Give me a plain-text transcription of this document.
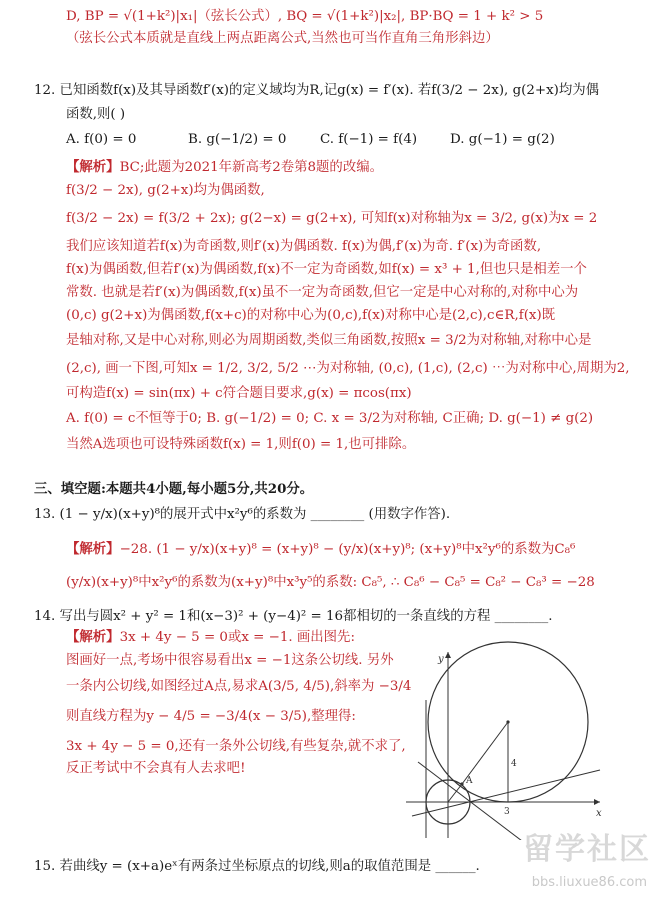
D, BP = √(1+k²)|x₁|（弦长公式）, BQ = √(1+k²)|x₂|, BP·BQ = 1 + k² > 5
（弦长公式本质就是直线上两点距离公式,当然也可当作直角三角形斜边）
12. 已知函数f(x)及其导函数f′(x)的定义域均为R,记g(x) = f′(x). 若f(3/2 − 2x), g(2+x)均为偶
函数,则( )
A. f(0) = 0	B. g(−1/2) = 0	C. f(−1) = f(4) D. g(−1) = g(2)
【解析】BC;此题为2021年新高考2卷第8题的改编。
f(3/2 − 2x), g(2+x)均为偶函数,
f(3/2 − 2x) = f(3/2 + 2x); g(2−x) = g(2+x), 可知f(x)对称轴为x = 3/2, g(x)为x = 2
我们应该知道若f(x)为奇函数,则f′(x)为偶函数. f(x)为偶,f′(x)为奇. f′(x)为奇函数,
f(x)为偶函数,但若f′(x)为偶函数,f(x)不一定为奇函数,如f(x) = x³ + 1,但也只是相差一个
常数. 也就是若f′(x)为偶函数,f(x)虽不一定为奇函数,但它一定是中心对称的,对称中心为
(0,c) g(2+x)为偶函数,f(x+c)的对称中心为(0,c),f(x)对称中心是(2,c),c∈R,f(x)既
是轴对称,又是中心对称,则必为周期函数,类似三角函数,按照x = 3/2为对称轴,对称中心是
(2,c), 画一下图,可知x = 1/2, 3/2, 5/2 ⋯为对称轴, (0,c), (1,c), (2,c) ⋯为对称中心,周期为2,
可构造f(x) = sin(πx) + c符合题目要求,g(x) = πcos(πx)
A. f(0) = c不恒等于0; B. g(−1/2) = 0; C. x = 3/2为对称轴, C正确; D. g(−1) ≠ g(2)
当然A选项也可设特殊函数f(x) = 1,则f(0) = 1,也可排除。
三、填空题:本题共4小题,每小题5分,共20分。
13. (1 − y/x)(x+y)⁸的展开式中x²y⁶的系数为 ________ (用数字作答).
【解析】−28. (1 − y/x)(x+y)⁸ = (x+y)⁸ − (y/x)(x+y)⁸; (x+y)⁸中x²y⁶的系数为C₈⁶
(y/x)(x+y)⁸中x²y⁶的系数为(x+y)⁸中x³y⁵的系数: C₈⁵, ∴ C₈⁶ − C₈⁵ = C₈² − C₈³ = −28
14. 写出与圆x² + y² = 1和(x−3)² + (y−4)² = 16都相切的一条直线的方程 ________.
【解析】3x + 4y − 5 = 0或x = −1. 画出图先:
图画好一点,考场中很容易看出x = −1这条公切线. 另外
一条内公切线,如图经过A点,易求A(3/5, 4/5),斜率为 −3/4
则直线方程为y − 4/5 = −3/4(x − 3/5),整理得:
3x + 4y − 5 = 0,还有一条外公切线,有些复杂,就不求了,
反正考试中不会真有人去求吧!
x
y
A
4
3
15. 若曲线y = (x+a)eˣ有两条过坐标原点的切线,则a的取值范围是 ______. 留学社区
bbs.liuxue86.com
